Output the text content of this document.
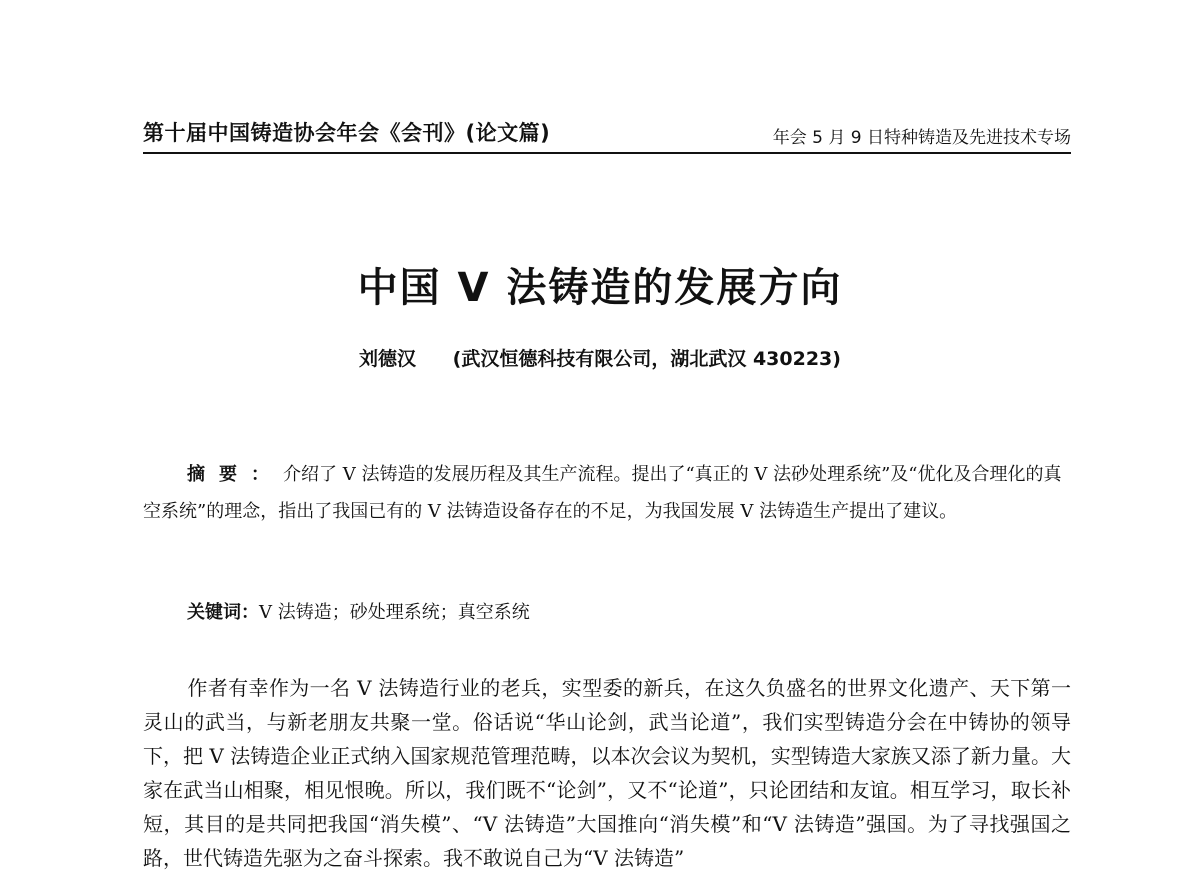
第十届中国铸造协会年会《会刊》(论文篇)	年会 5 月 9 日特种铸造及先进技术专场
中国 V 法铸造的发展方向
刘德汉 (武汉恒德科技有限公司，湖北武汉 430223)
摘要：介绍了 V 法铸造的发展历程及其生产流程。提出了“真正的 V 法砂处理系统”及“优化及合理化的真空系统”的理念，指出了我国已有的 V 法铸造设备存在的不足，为我国发展 V 法铸造生产提出了建议。
关键词：V 法铸造；砂处理系统；真空系统
作者有幸作为一名 V 法铸造行业的老兵，实型委的新兵，在这久负盛名的世界文化遗产、天下第一灵山的武当，与新老朋友共聚一堂。俗话说“华山论剑，武当论道”，我们实型铸造分会在中铸协的领导下，把 V 法铸造企业正式纳入国家规范管理范畴，以本次会议为契机，实型铸造大家族又添了新力量。大家在武当山相聚，相见恨晚。所以，我们既不“论剑”，又不“论道”，只论团结和友谊。相互学习，取长补短，其目的是共同把我国“消失模”、“V 法铸造”大国推向“消失模”和“V 法铸造”强国。为了寻找强国之路，世代铸造先驱为之奋斗探索。我不敢说自己为“V 法铸造”
